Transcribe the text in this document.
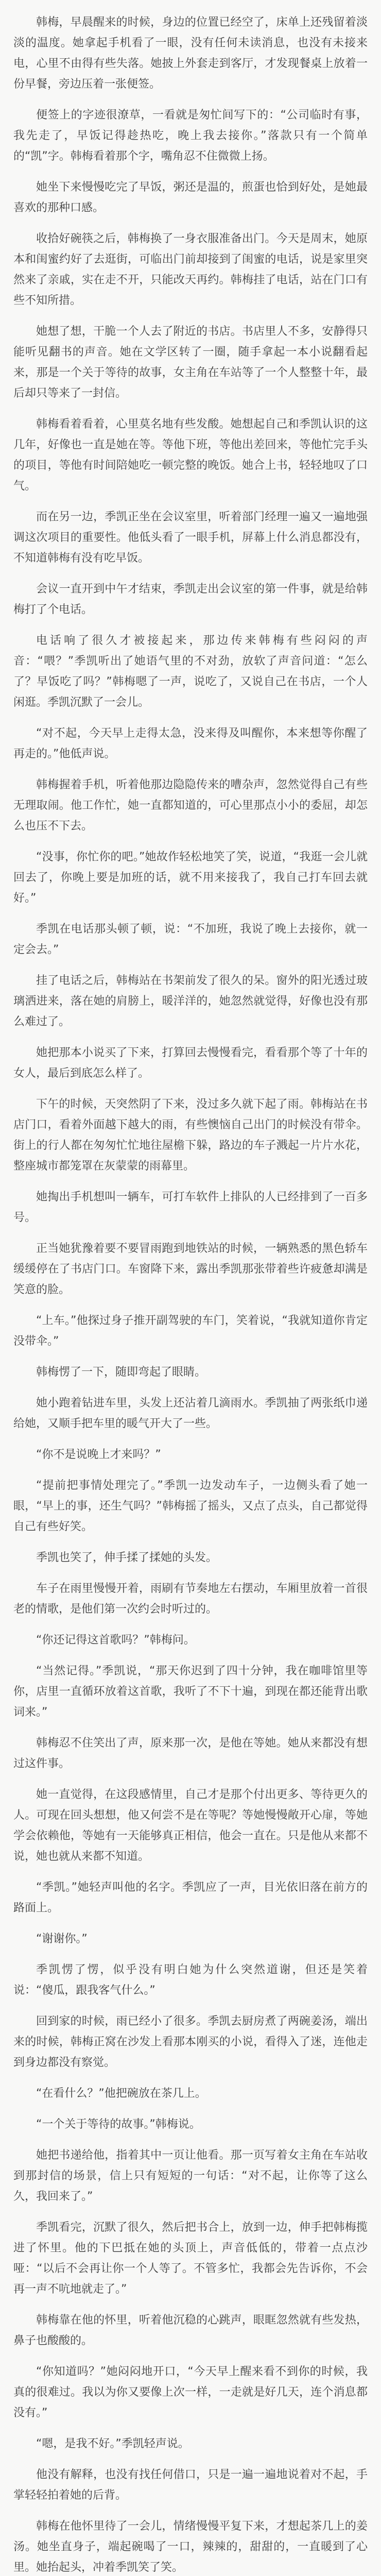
韩梅，早晨醒来的时候，身边的位置已经空了，床单上还残留着淡淡的温度。她拿起手机看了一眼，没有任何未读消息，也没有未接来电，心里不由得有些失落。她披上外套走到客厅，才发现餐桌上放着一份早餐，旁边压着一张便签。

便签上的字迹很潦草，一看就是匆忙间写下的：“公司临时有事，我先走了，早饭记得趁热吃，晚上我去接你。”落款只有一个简单的“凯”字。韩梅看着那个字，嘴角忍不住微微上扬。

她坐下来慢慢吃完了早饭，粥还是温的，煎蛋也恰到好处，是她最喜欢的那种口感。

收拾好碗筷之后，韩梅换了一身衣服准备出门。今天是周末，她原本和闺蜜约好了去逛街，可临出门前却接到了闺蜜的电话，说是家里突然来了亲戚，实在走不开，只能改天再约。韩梅挂了电话，站在门口有些不知所措。

她想了想，干脆一个人去了附近的书店。书店里人不多，安静得只能听见翻书的声音。她在文学区转了一圈，随手拿起一本小说翻看起来，那是一个关于等待的故事，女主角在车站等了一个人整整十年，最后却只等来了一封信。

韩梅看着看着，心里莫名地有些发酸。她想起自己和季凯认识的这几年，好像也一直是她在等。等他下班，等他出差回来，等他忙完手头的项目，等他有时间陪她吃一顿完整的晚饭。她合上书，轻轻地叹了口气。

而在另一边，季凯正坐在会议室里，听着部门经理一遍又一遍地强调这次项目的重要性。他低头看了一眼手机，屏幕上什么消息都没有，不知道韩梅有没有吃早饭。

会议一直开到中午才结束，季凯走出会议室的第一件事，就是给韩梅打了个电话。

电话响了很久才被接起来，那边传来韩梅有些闷闷的声音：“喂？”季凯听出了她语气里的不对劲，放软了声音问道：“怎么了？早饭吃了吗？”韩梅嗯了一声，说吃了，又说自己在书店，一个人闲逛。季凯沉默了一会儿。

“对不起，今天早上走得太急，没来得及叫醒你，本来想等你醒了再走的。”他低声说。

韩梅握着手机，听着他那边隐隐传来的嘈杂声，忽然觉得自己有些无理取闹。他工作忙，她一直都知道的，可心里那点小小的委屈，却怎么也压不下去。

“没事，你忙你的吧。”她故作轻松地笑了笑，说道，“我逛一会儿就回去了，你晚上要是加班的话，就不用来接我了，我自己打车回去就好。”

季凯在电话那头顿了顿，说：“不加班，我说了晚上去接你，就一定会去。”

挂了电话之后，韩梅站在书架前发了很久的呆。窗外的阳光透过玻璃洒进来，落在她的肩膀上，暖洋洋的，她忽然就觉得，好像也没有那么难过了。

她把那本小说买了下来，打算回去慢慢看完，看看那个等了十年的女人，最后到底怎么样了。

下午的时候，天突然阴了下来，没过多久就下起了雨。韩梅站在书店门口，看着外面越下越大的雨，有些懊恼自己出门的时候没有带伞。街上的行人都在匆匆忙忙地往屋檐下躲，路边的车子溅起一片片水花，整座城市都笼罩在灰蒙蒙的雨幕里。

她掏出手机想叫一辆车，可打车软件上排队的人已经排到了一百多号。

正当她犹豫着要不要冒雨跑到地铁站的时候，一辆熟悉的黑色轿车缓缓停在了书店门口。车窗降下来，露出季凯那张带着些许疲惫却满是笑意的脸。

“上车。”他探过身子推开副驾驶的车门，笑着说，“我就知道你肯定没带伞。”

韩梅愣了一下，随即弯起了眼睛。

她小跑着钻进车里，头发上还沾着几滴雨水。季凯抽了两张纸巾递给她，又顺手把车里的暖气开大了一些。

“你不是说晚上才来吗？”

“提前把事情处理完了。”季凯一边发动车子，一边侧头看了她一眼，“早上的事，还生气吗？”韩梅摇了摇头，又点了点头，自己都觉得自己有些好笑。

季凯也笑了，伸手揉了揉她的头发。

车子在雨里慢慢开着，雨刷有节奏地左右摆动，车厢里放着一首很老的情歌，是他们第一次约会时听过的。

“你还记得这首歌吗？”韩梅问。

“当然记得。”季凯说，“那天你迟到了四十分钟，我在咖啡馆里等你，店里一直循环放着这首歌，我听了不下十遍，到现在都还能背出歌词来。”

韩梅忍不住笑出了声，原来那一次，是他在等她。她从来都没有想过这件事。

她一直觉得，在这段感情里，自己才是那个付出更多、等待更久的人。可现在回头想想，他又何尝不是在等呢？等她慢慢敞开心扉，等她学会依赖他，等她有一天能够真正相信，他会一直在。只是他从来都不说，她也就从来都不知道。

“季凯。”她轻声叫他的名字。季凯应了一声，目光依旧落在前方的路面上。

“谢谢你。”

季凯愣了愣，似乎没有明白她为什么突然道谢，但还是笑着说：“傻瓜，跟我客气什么。”

回到家的时候，雨已经小了很多。季凯去厨房煮了两碗姜汤，端出来的时候，韩梅正窝在沙发上看那本刚买的小说，看得入了迷，连他走到身边都没有察觉。

“在看什么？”他把碗放在茶几上。

“一个关于等待的故事。”韩梅说。

她把书递给他，指着其中一页让他看。那一页写着女主角在车站收到那封信的场景，信上只有短短的一句话：“对不起，让你等了这么久，我回来了。”

季凯看完，沉默了很久，然后把书合上，放到一边，伸手把韩梅揽进了怀里。他的下巴抵在她的头顶上，声音低低的，带着一点点沙哑：“以后不会再让你一个人等了。不管多忙，我都会先告诉你，不会再一声不吭地就走了。”

韩梅靠在他的怀里，听着他沉稳的心跳声，眼眶忽然就有些发热，鼻子也酸酸的。

“你知道吗？”她闷闷地开口，“今天早上醒来看不到你的时候，我真的很难过。我以为你又要像上次一样，一走就是好几天，连个消息都没有。”

“嗯，是我不好。”季凯轻声说。

他没有解释，也没有找任何借口，只是一遍一遍地说着对不起，手掌轻轻拍着她的后背。

韩梅在他怀里待了一会儿，情绪慢慢平复下来，才想起茶几上的姜汤。她坐直身子，端起碗喝了一口，辣辣的，甜甜的，一直暖到了心里。她抬起头，冲着季凯笑了笑。
